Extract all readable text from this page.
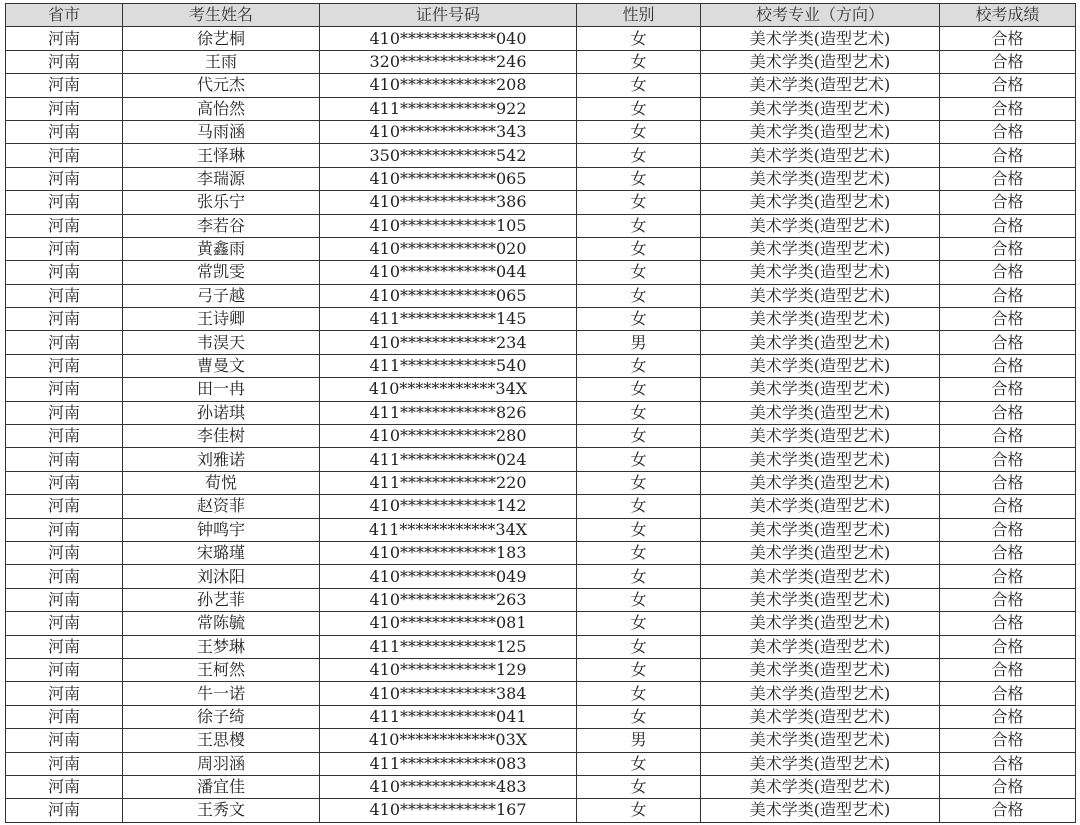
省市	考生姓名	证件号码	性别	校考专业（方向）	校考成绩
河南	徐艺桐	410************040	女	美术学类(造型艺术)	合格
河南	王雨	320************246	女	美术学类(造型艺术)	合格
河南	代元杰	410************208	女	美术学类(造型艺术)	合格
河南	高怡然	411************922	女	美术学类(造型艺术)	合格
河南	马雨涵	410************343	女	美术学类(造型艺术)	合格
河南	王怿琳	350************542	女	美术学类(造型艺术)	合格
河南	李瑞源	410************065	女	美术学类(造型艺术)	合格
河南	张乐宁	410************386	女	美术学类(造型艺术)	合格
河南	李若谷	410************105	女	美术学类(造型艺术)	合格
河南	黄鑫雨	410************020	女	美术学类(造型艺术)	合格
河南	常凯雯	410************044	女	美术学类(造型艺术)	合格
河南	弓子越	410************065	女	美术学类(造型艺术)	合格
河南	王诗卿	411************145	女	美术学类(造型艺术)	合格
河南	韦淏天	410************234	男	美术学类(造型艺术)	合格
河南	曹曼文	411************540	女	美术学类(造型艺术)	合格
河南	田一冉	410************34X	女	美术学类(造型艺术)	合格
河南	孙诺琪	411************826	女	美术学类(造型艺术)	合格
河南	李佳树	410************280	女	美术学类(造型艺术)	合格
河南	刘雅诺	411************024	女	美术学类(造型艺术)	合格
河南	荀悦	411************220	女	美术学类(造型艺术)	合格
河南	赵资菲	410************142	女	美术学类(造型艺术)	合格
河南	钟鸣宇	411************34X	女	美术学类(造型艺术)	合格
河南	宋璐瑾	410************183	女	美术学类(造型艺术)	合格
河南	刘沐阳	410************049	女	美术学类(造型艺术)	合格
河南	孙艺菲	410************263	女	美术学类(造型艺术)	合格
河南	常陈毓	410************081	女	美术学类(造型艺术)	合格
河南	王梦琳	411************125	女	美术学类(造型艺术)	合格
河南	王柯然	410************129	女	美术学类(造型艺术)	合格
河南	牛一诺	410************384	女	美术学类(造型艺术)	合格
河南	徐子绮	411************041	女	美术学类(造型艺术)	合格
河南	王思椶	410************03X	男	美术学类(造型艺术)	合格
河南	周羽涵	411************083	女	美术学类(造型艺术)	合格
河南	潘宜佳	410************483	女	美术学类(造型艺术)	合格
河南	王秀文	410************167	女	美术学类(造型艺术)	合格
